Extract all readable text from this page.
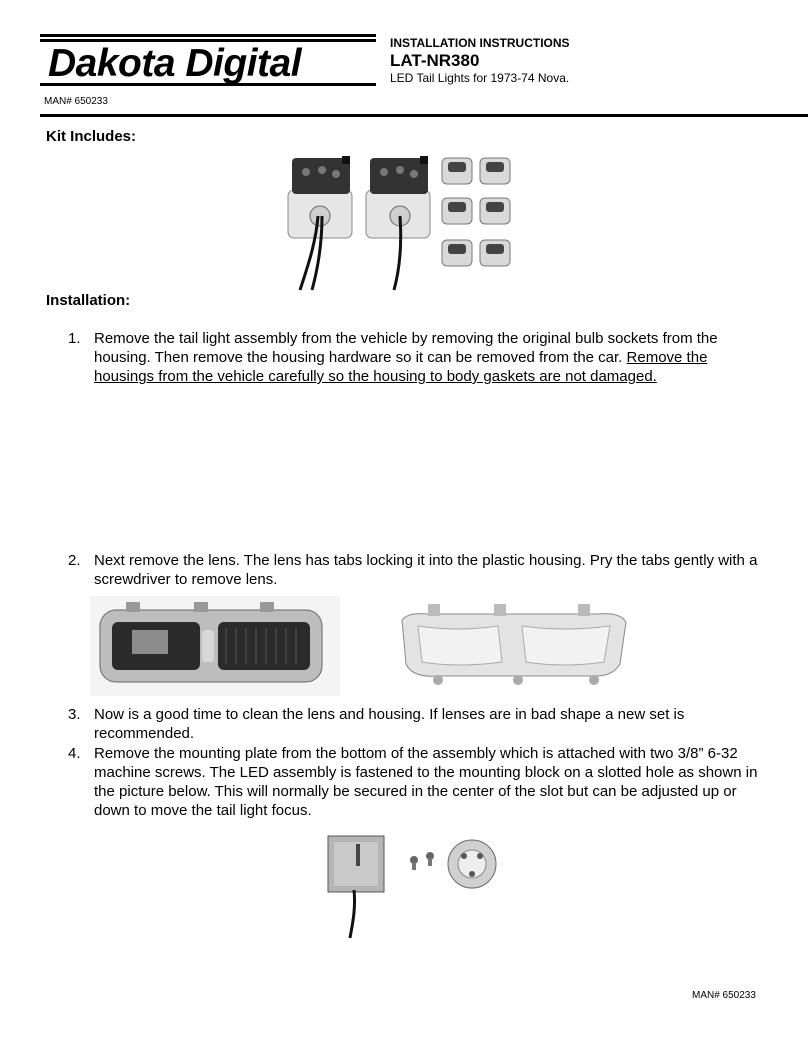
Dakota Digital
MAN# 650233
INSTALLATION INSTRUCTIONS
LAT-NR380
LED Tail Lights for 1973-74 Nova.
Kit Includes:
Installation:
1. Remove the tail light assembly from the vehicle by removing the original bulb sockets from the housing. Then remove the housing hardware so it can be removed from the car. Remove the housings from the vehicle carefully so the housing to body gaskets are not damaged.
2. Next remove the lens. The lens has tabs locking it into the plastic housing. Pry the tabs gently with a screwdriver to remove lens.
3. Now is a good time to clean the lens and housing. If lenses are in bad shape a new set is recommended.
4. Remove the mounting plate from the bottom of the assembly which is attached with two 3/8” 6-32 machine screws. The LED assembly is fastened to the mounting block on a slotted hole as shown in the picture below. This will normally be secured in the center of the slot but can be adjusted up or down to move the tail light focus.
MAN# 650233
